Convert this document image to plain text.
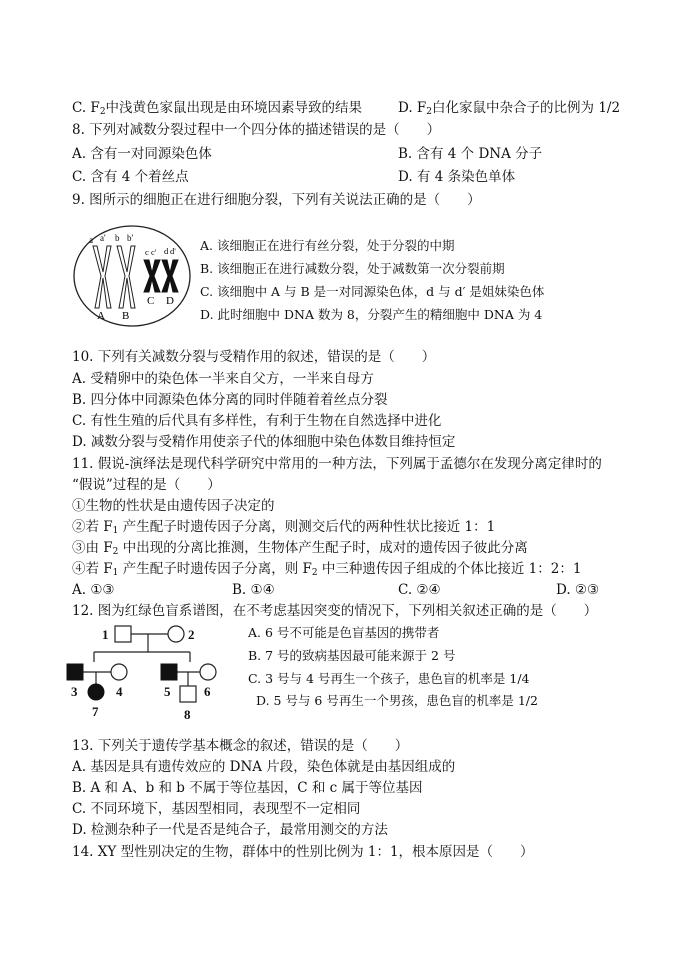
C. $F_2$中浅黄色家鼠出现是由环境因素导致的结果	D. $F_2$白化家鼠中杂合子的比例为 1/2
8. 下列对减数分裂过程中一个四分体的描述错误的是（　　）
A. 含有一对同源染色体	B. 含有 4 个 DNA 分子
C. 含有 4 个着丝点	D. 有 4 条染色单体
9. 图所示的细胞正在进行细胞分裂，下列有关说法正确的是（　　）
a a' b b'
c c' d d'
A B
C D
A. 该细胞正在进行有丝分裂，处于分裂的中期
B. 该细胞正在进行减数分裂，处于减数第一次分裂前期
C. 该细胞中 A 与 B 是一对同源染色体，d 与 d′ 是姐妹染色体
D. 此时细胞中 DNA 数为 8，分裂产生的精细胞中 DNA 为 4
10. 下列有关减数分裂与受精作用的叙述，错误的是（　　）
A. 受精卵中的染色体一半来自父方，一半来自母方
B. 四分体中同源染色体分离的同时伴随着着丝点分裂
C. 有性生殖的后代具有多样性，有利于生物在自然选择中进化
D. 减数分裂与受精作用使亲子代的体细胞中染色体数目维持恒定
11. 假说-演绎法是现代科学研究中常用的一种方法，下列属于孟德尔在发现分离定律时的
“假说”过程的是（　　）
①生物的性状是由遗传因子决定的
②若 $F_1$ 产生配子时遗传因子分离，则测交后代的两种性状比接近 1：1
③由 $F_2$ 中出现的分离比推测，生物体产生配子时，成对的遗传因子彼此分离
④若 $F_1$ 产生配子时遗传因子分离，则 $F_2$ 中三种遗传因子组成的个体比接近 1：2：1
A. ①③	B. ①④	C. ②④	D. ②③
12. 图为红绿色盲系谱图，在不考虑基因突变的情况下，下列相关叙述正确的是（　　）
1	2
3	4	5	6
7	8
A. 6 号不可能是色盲基因的携带者
B. 7 号的致病基因最可能来源于 2 号
C. 3 号与 4 号再生一个孩子，患色盲的机率是 1/4
D. 5 号与 6 号再生一个男孩，患色盲的机率是 1/2
13. 下列关于遗传学基本概念的叙述，错误的是（　　）
A. 基因是具有遗传效应的 DNA 片段，染色体就是由基因组成的
B. A 和 A、b 和 b 不属于等位基因，C 和 c 属于等位基因
C. 不同环境下，基因型相同，表现型不一定相同
D. 检测杂种子一代是否是纯合子，最常用测交的方法
14. XY 型性别决定的生物，群体中的性别比例为 1：1，根本原因是（　　）
